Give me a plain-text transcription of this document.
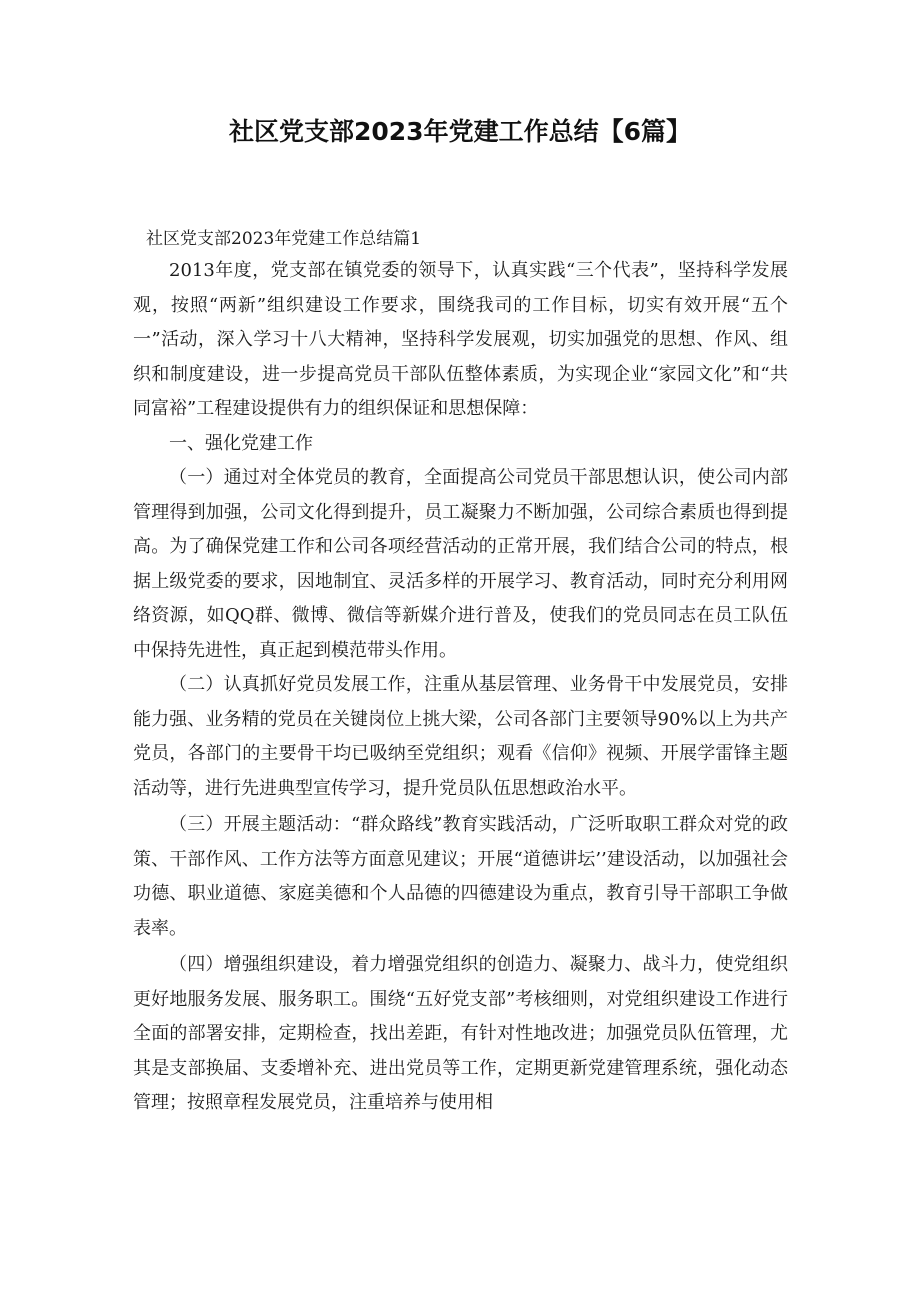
社区党支部2023年党建工作总结【6篇】
社区党支部2023年党建工作总结篇1

2013年度，党支部在镇党委的领导下，认真实践“三个代表”，坚持科学发展观，按照“两新”组织建设工作要求，围绕我司的工作目标，切实有效开展“五个一”活动，深入学习十八大精神，坚持科学发展观，切实加强党的思想、作风、组织和制度建设，进一步提高党员干部队伍整体素质，为实现企业“家园文化”和“共同富裕”工程建设提供有力的组织保证和思想保障：

一、强化党建工作

（一）通过对全体党员的教育，全面提高公司党员干部思想认识，使公司内部管理得到加强，公司文化得到提升，员工凝聚力不断加强，公司综合素质也得到提高。为了确保党建工作和公司各项经营活动的正常开展，我们结合公司的特点，根据上级党委的要求，因地制宜、灵活多样的开展学习、教育活动，同时充分利用网络资源，如QQ群、微博、微信等新媒介进行普及，使我们的党员同志在员工队伍中保持先进性，真正起到模范带头作用。

（二）认真抓好党员发展工作，注重从基层管理、业务骨干中发展党员，安排能力强、业务精的党员在关键岗位上挑大梁，公司各部门主要领导90%以上为共产党员，各部门的主要骨干均已吸纳至党组织；观看《信仰》视频、开展学雷锋主题活动等，进行先进典型宣传学习，提升党员队伍思想政治水平。

（三）开展主题活动：“群众路线”教育实践活动，广泛听取职工群众对党的政策、干部作风、工作方法等方面意见建议；开展“道德讲坛’’建设活动，以加强社会功德、职业道德、家庭美德和个人品德的四德建设为重点，教育引导干部职工争做表率。

（四）增强组织建设，着力增强党组织的创造力、凝聚力、战斗力，使党组织更好地服务发展、服务职工。围绕“五好党支部”考核细则，对党组织建设工作进行全面的部署安排，定期检查，找出差距，有针对性地改进；加强党员队伍管理，尤其是支部换届、支委增补充、进出党员等工作，定期更新党建管理系统，强化动态管理；按照章程发展党员，注重培养与使用相
